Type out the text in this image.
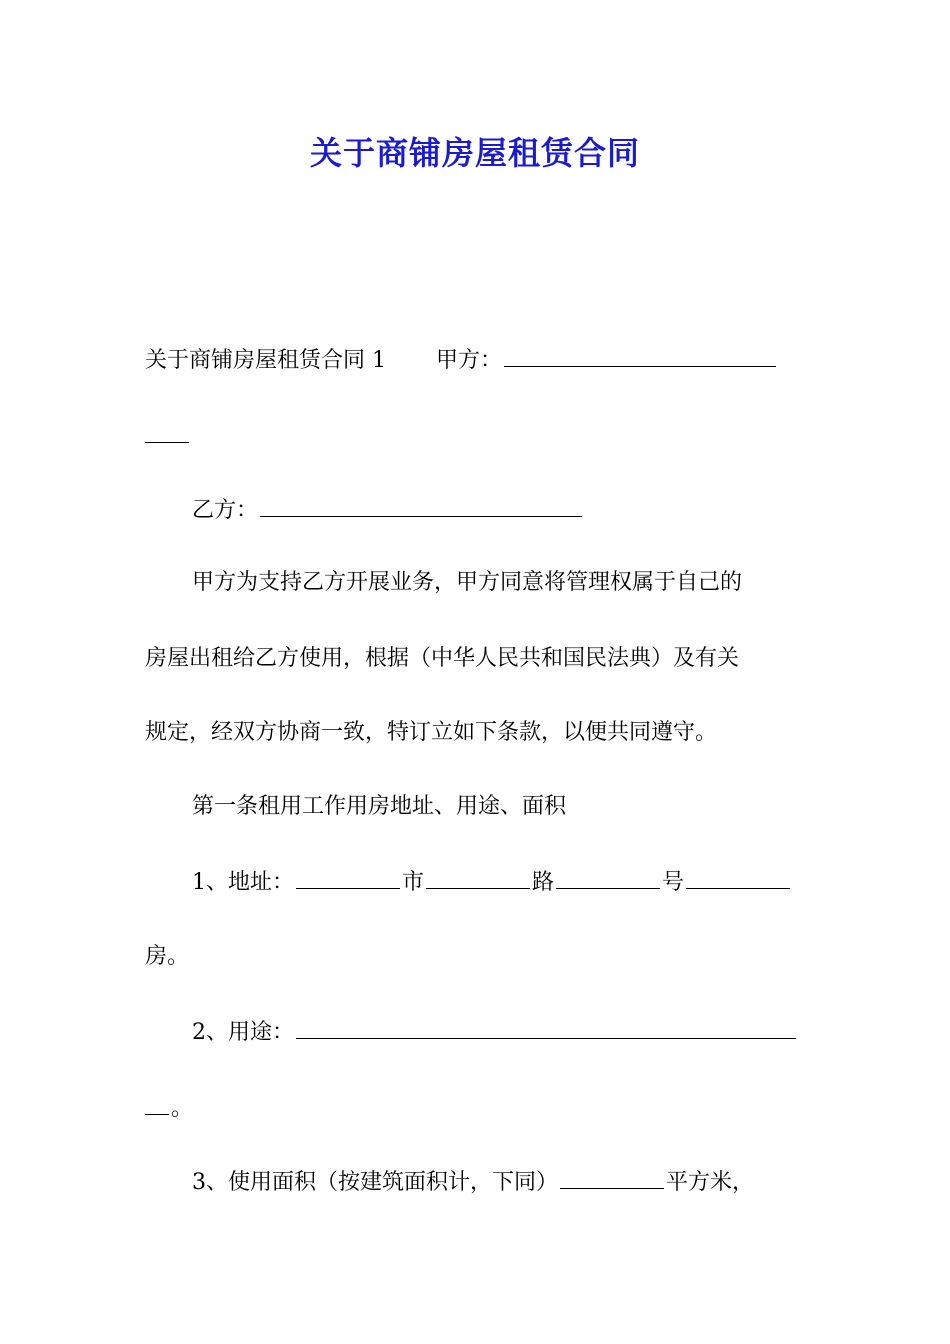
关于商铺房屋租赁合同
关于商铺房屋租赁合同 1 甲方：
乙方：
甲方为支持乙方开展业务，甲方同意将管理权属于自己的
房屋出租给乙方使用，根据（中华人民共和国民法典）及有关
规定，经双方协商一致，特订立如下条款，以便共同遵守。
第一条租用工作用房地址、用途、面积
1、地址：	市	路	号
房。
2、用途：
。
3、使用面积（按建筑面积计，下同）	平方米，
